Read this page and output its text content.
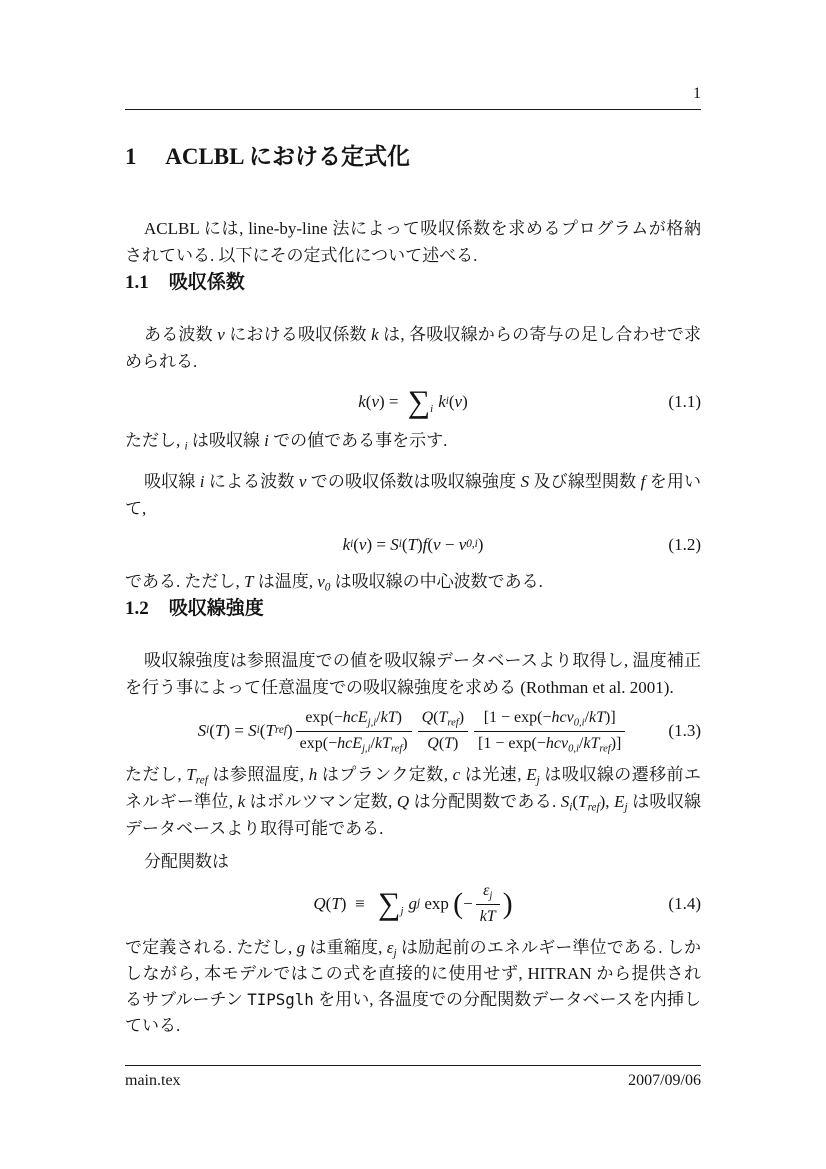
1
1 ACLBL における定式化

ACLBL には, line-by-line 法によって吸収係数を求めるプログラムが格納されている. 以下にその定式化について述べる.

1.1 吸収係数

ある波数 ν における吸収係数 k は, 各吸収線からの寄与の足し合わせで求められる.

k ( ν ) = ∑i k i ( ν )	(1.1)

ただし, $_i$ は吸収線 i での値である事を示す.

吸収線 i による波数 ν での吸収係数は吸収線強度 S 及び線型関数 f を用いて,

k i ( ν ) = S i ( T ) f ( ν − ν 0,i )	(1.2)

である. ただし, T は温度, $\nu_0$ は吸収線の中心波数である.

1.2 吸収線強度

吸収線強度は参照温度での値を吸収線データベースより取得し, 温度補正を行う事によって任意温度での吸収線強度を求める (Rothman et al. 2001).

S i ( T ) = S i ( T ref ) $\frac{\exp(-hcE_{j,i}/kT)}{\exp(-hcE_{j,i}/kT_{ref})} \frac{Q(T_{ref})}{Q(T)} \frac{[1 - \exp(-hc\nu_{0,i}/kT)]}{[1 - \exp(-hc\nu_{0,i}/kT_{ref})]}$	(1.3)

ただし, $T_{ref}$ は参照温度, h はプランク定数, c は光速, $E_j$ は吸収線の遷移前エネルギー準位, k はボルツマン定数, Q は分配関数である. $S_i(T_{ref})$, $E_j$ は吸収線データベースより取得可能である.

分配関数は

Q ( T )  ≡ ∑j g j exp ( − $\frac{\varepsilon_j}{kT}$ )	(1.4)

で定義される. ただし, g は重縮度, $\varepsilon_j$ は励起前のエネルギー準位である. しかしながら, 本モデルではこの式を直接的に使用せず, HITRAN から提供されるサブルーチン TIPSglh を用い, 各温度での分配関数データベースを内挿している.

main.tex	2007/09/06
